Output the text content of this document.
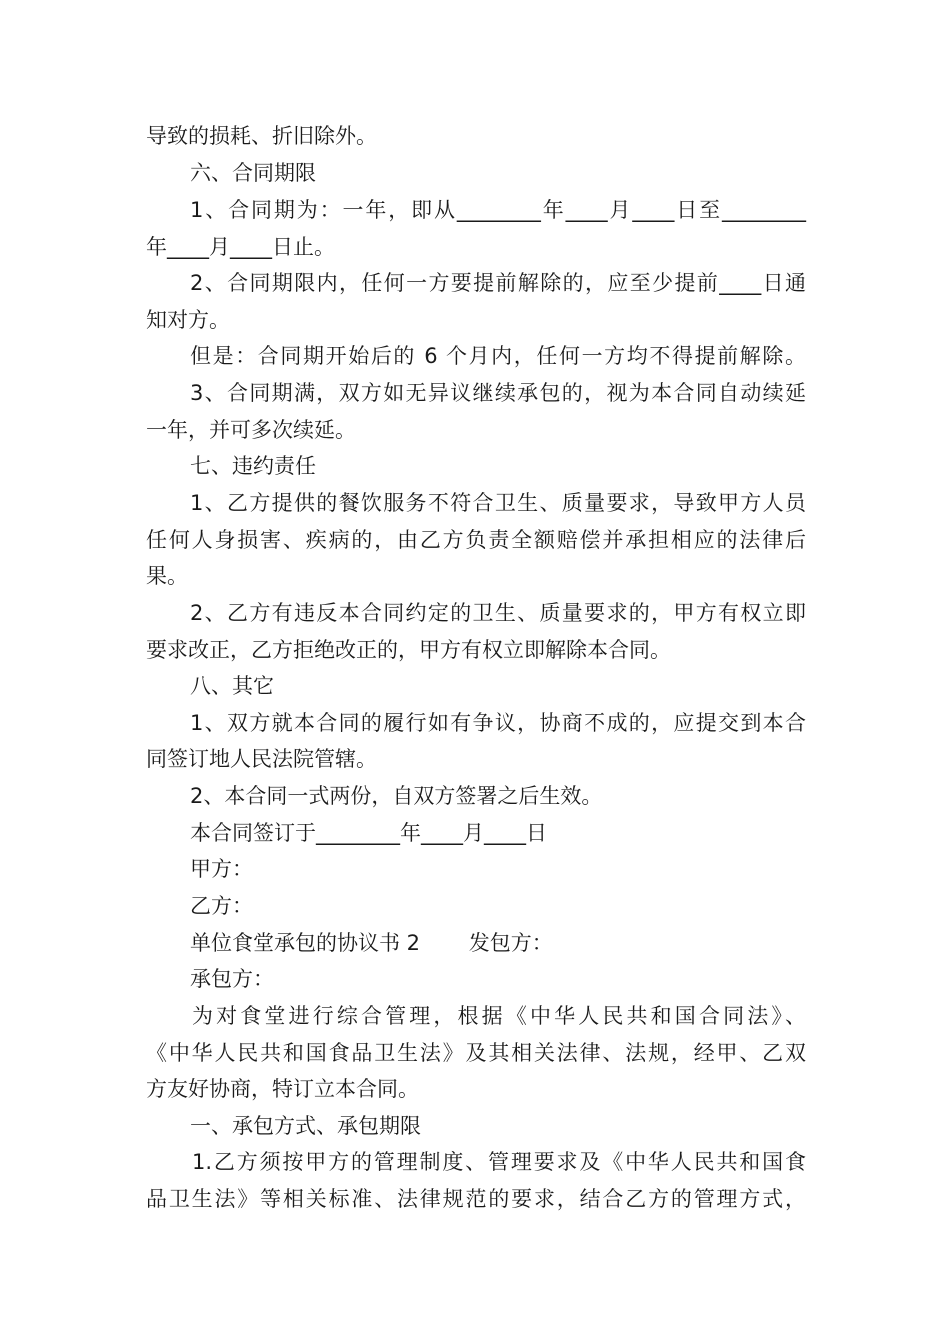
导致的损耗、折旧除外。
六、合同期限
1、合同期为：一年，即从________年____月____日至________
年____月____日止。
2、合同期限内，任何一方要提前解除的，应至少提前____日通
知对方。
但是：合同期开始后的 6 个月内，任何一方均不得提前解除。
3、合同期满，双方如无异议继续承包的，视为本合同自动续延
一年，并可多次续延。
七、违约责任
1、乙方提供的餐饮服务不符合卫生、质量要求，导致甲方人员
任何人身损害、疾病的，由乙方负责全额赔偿并承担相应的法律后
果。
2、乙方有违反本合同约定的卫生、质量要求的，甲方有权立即
要求改正，乙方拒绝改正的，甲方有权立即解除本合同。
八、其它
1、双方就本合同的履行如有争议，协商不成的，应提交到本合
同签订地人民法院管辖。
2、本合同一式两份，自双方签署之后生效。
本合同签订于________年____月____日
甲方：
乙方：
单位食堂承包的协议书 2　　 发包方：
承包方：
为对食堂进行综合管理，根据《中华人民共和国合同法》、
《中华人民共和国食品卫生法》及其相关法律、法规，经甲、乙双
方友好协商，特订立本合同。
一、承包方式、承包期限
1.乙方须按甲方的管理制度、管理要求及《中华人民共和国食
品卫生法》等相关标准、法律规范的要求，结合乙方的管理方式，
